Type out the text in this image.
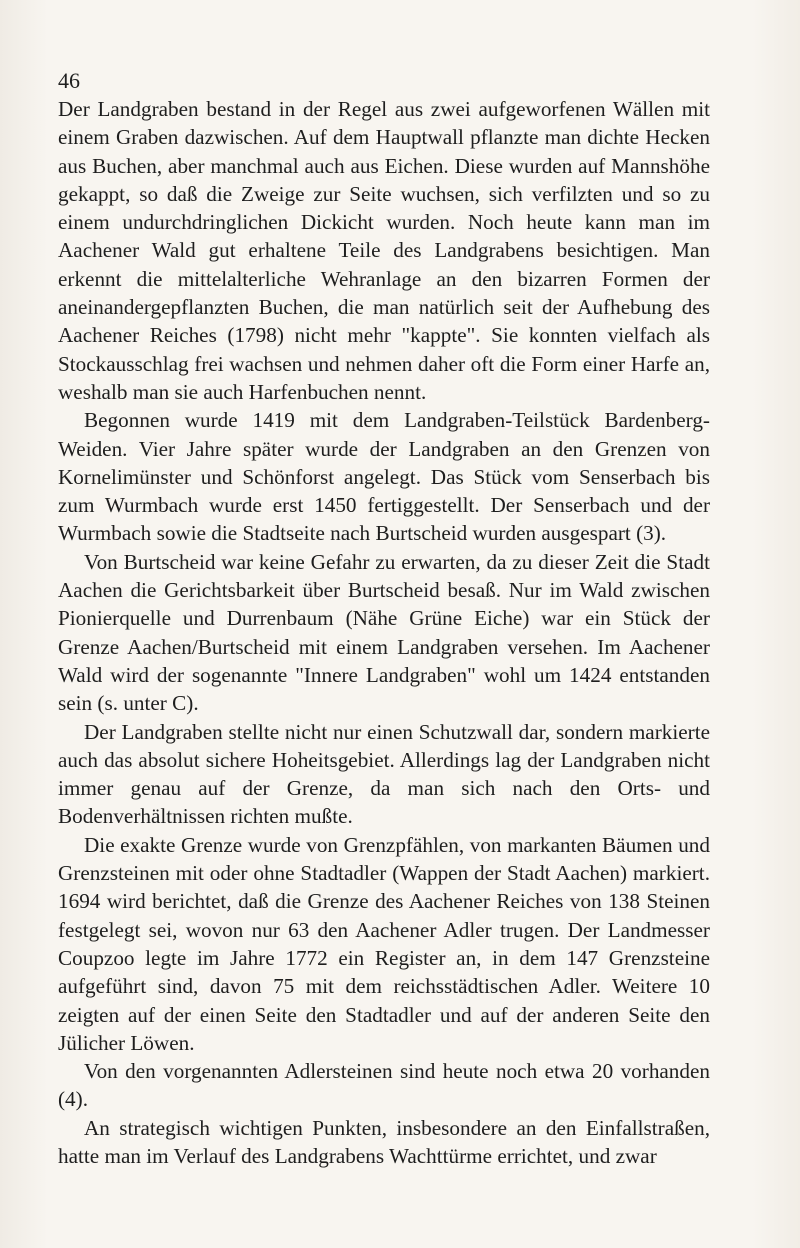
46

Der Landgraben bestand in der Regel aus zwei aufgeworfenen Wällen mit einem Graben dazwischen. Auf dem Hauptwall pflanzte man dichte Hecken aus Buchen, aber manchmal auch aus Eichen. Diese wurden auf Mannshöhe gekappt, so daß die Zweige zur Seite wuchsen, sich verfilzten und so zu einem undurchdringlichen Dickicht wurden. Noch heute kann man im Aachener Wald gut erhaltene Teile des Landgrabens besichtigen. Man erkennt die mittelalterliche Wehranlage an den bizarren Formen der aneinandergepflanzten Buchen, die man natürlich seit der Aufhebung des Aachener Reiches (1798) nicht mehr "kappte". Sie konnten vielfach als Stockausschlag frei wachsen und nehmen daher oft die Form einer Harfe an, weshalb man sie auch Harfenbuchen nennt.

Begonnen wurde 1419 mit dem Landgraben-Teilstück Bardenberg-Weiden. Vier Jahre später wurde der Landgraben an den Grenzen von Kornelimünster und Schönforst angelegt. Das Stück vom Senserbach bis zum Wurmbach wurde erst 1450 fertiggestellt. Der Senserbach und der Wurmbach sowie die Stadtseite nach Burtscheid wurden ausgespart (3).

Von Burtscheid war keine Gefahr zu erwarten, da zu dieser Zeit die Stadt Aachen die Gerichtsbarkeit über Burtscheid besaß. Nur im Wald zwischen Pionierquelle und Durrenbaum (Nähe Grüne Eiche) war ein Stück der Grenze Aachen/Burtscheid mit einem Landgraben versehen. Im Aachener Wald wird der sogenannte "Innere Landgraben" wohl um 1424 entstanden sein (s. unter C).

Der Landgraben stellte nicht nur einen Schutzwall dar, sondern markierte auch das absolut sichere Hoheitsgebiet. Allerdings lag der Landgraben nicht immer genau auf der Grenze, da man sich nach den Orts- und Bodenverhältnissen richten mußte.

Die exakte Grenze wurde von Grenzpfählen, von markanten Bäumen und Grenzsteinen mit oder ohne Stadtadler (Wappen der Stadt Aachen) markiert. 1694 wird berichtet, daß die Grenze des Aachener Reiches von 138 Steinen festgelegt sei, wovon nur 63 den Aachener Adler trugen. Der Landmesser Coupzoo legte im Jahre 1772 ein Register an, in dem 147 Grenzsteine aufgeführt sind, davon 75 mit dem reichsstädtischen Adler. Weitere 10 zeigten auf der einen Seite den Stadtadler und auf der anderen Seite den Jülicher Löwen.

Von den vorgenannten Adlersteinen sind heute noch etwa 20 vorhanden (4).

An strategisch wichtigen Punkten, insbesondere an den Einfallstraßen, hatte man im Verlauf des Landgrabens Wachttürme errichtet, und zwar
